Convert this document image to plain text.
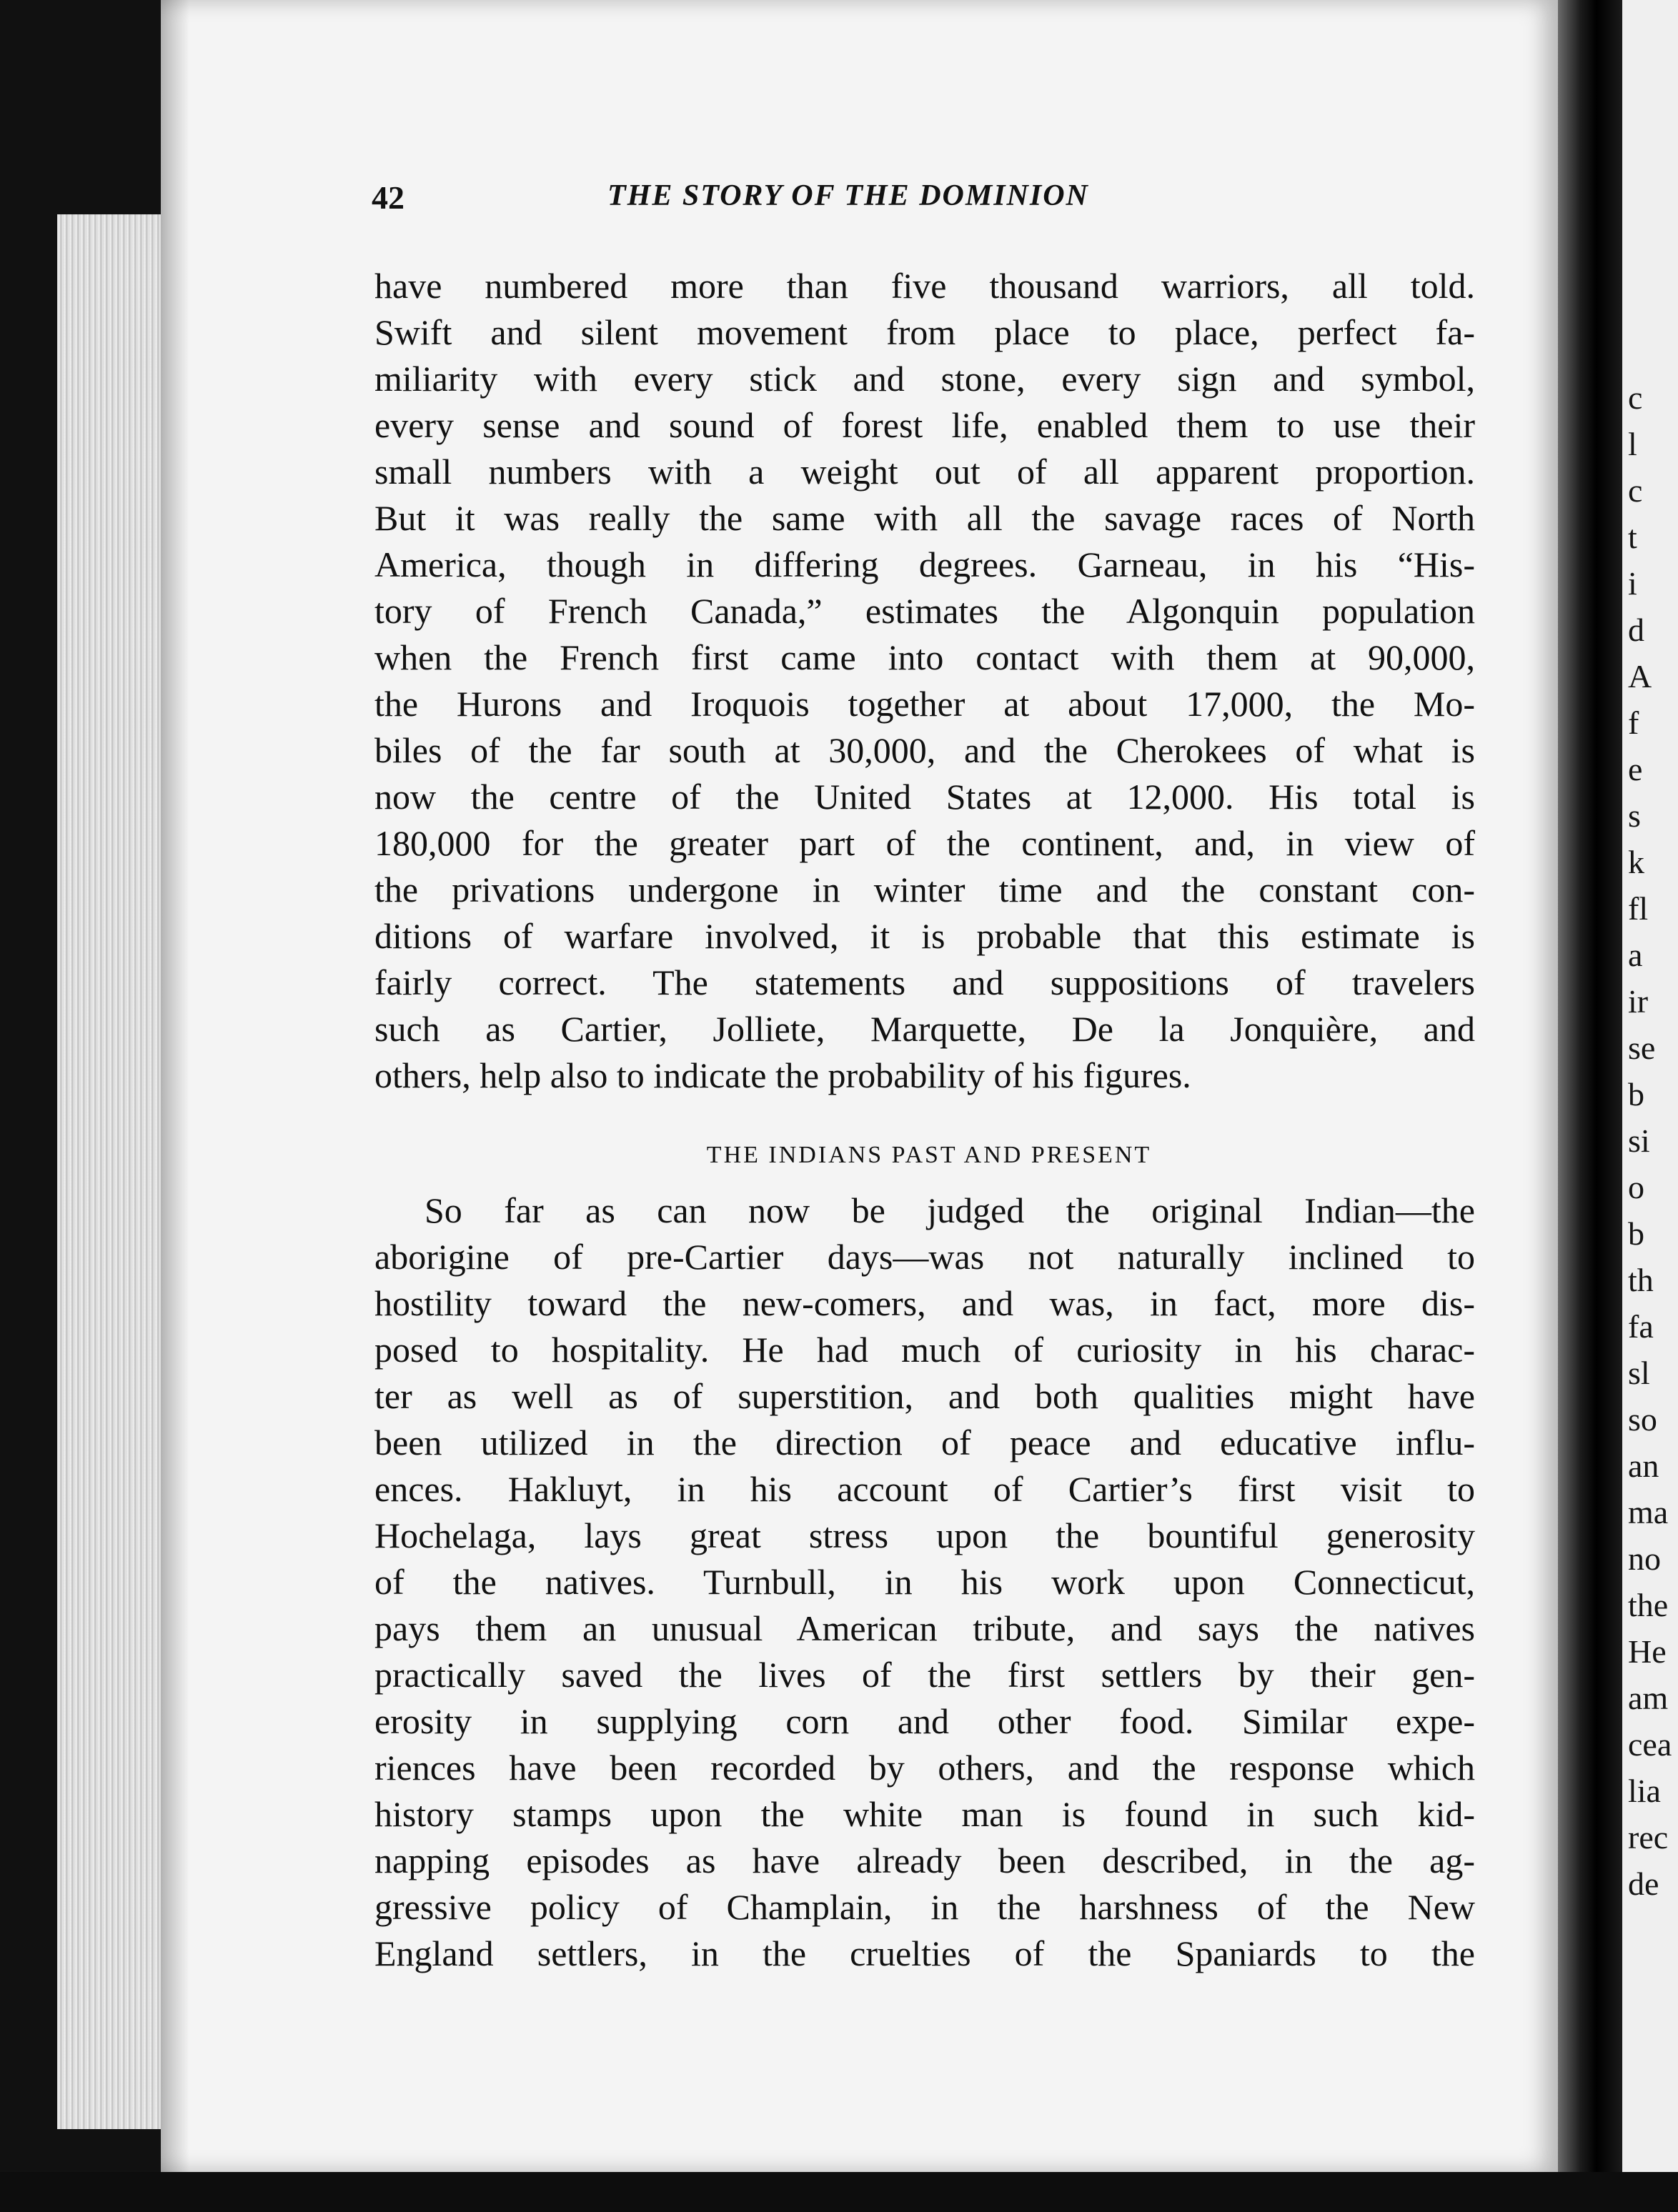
c
l
c
t
i
d
A
f
e
s
k
fl
a
ir
se
b
si
o
b
th
fa
sl
so
an
ma
no
the
He
am
cea
lia
rec
de
42	THE STORY OF THE DOMINION
have numbered more than five thousand warriors, all told.
Swift and silent movement from place to place, perfect fa-
miliarity with every stick and stone, every sign and symbol,
every sense and sound of forest life, enabled them to use their
small numbers with a weight out of all apparent proportion.
But it was really the same with all the savage races of North
America, though in differing degrees. Garneau, in his “His-
tory of French Canada,” estimates the Algonquin population
when the French first came into contact with them at 90,000,
the Hurons and Iroquois together at about 17,000, the Mo-
biles of the far south at 30,000, and the Cherokees of what is
now the centre of the United States at 12,000. His total is
180,000 for the greater part of the continent, and, in view of
the privations undergone in winter time and the constant con-
ditions of warfare involved, it is probable that this estimate is
fairly correct. The statements and suppositions of travelers
such as Cartier, Jolliete, Marquette, De la Jonquière, and
others, help also to indicate the probability of his figures.
THE INDIANS PAST AND PRESENT
So far as can now be judged the original Indian—the
aborigine of pre-Cartier days—was not naturally inclined to
hostility toward the new-comers, and was, in fact, more dis-
posed to hospitality. He had much of curiosity in his charac-
ter as well as of superstition, and both qualities might have
been utilized in the direction of peace and educative influ-
ences. Hakluyt, in his account of Cartier’s first visit to
Hochelaga, lays great stress upon the bountiful generosity
of the natives. Turnbull, in his work upon Connecticut,
pays them an unusual American tribute, and says the natives
practically saved the lives of the first settlers by their gen-
erosity in supplying corn and other food. Similar expe-
riences have been recorded by others, and the response which
history stamps upon the white man is found in such kid-
napping episodes as have already been described, in the ag-
gressive policy of Champlain, in the harshness of the New
England settlers, in the cruelties of the Spaniards to the
